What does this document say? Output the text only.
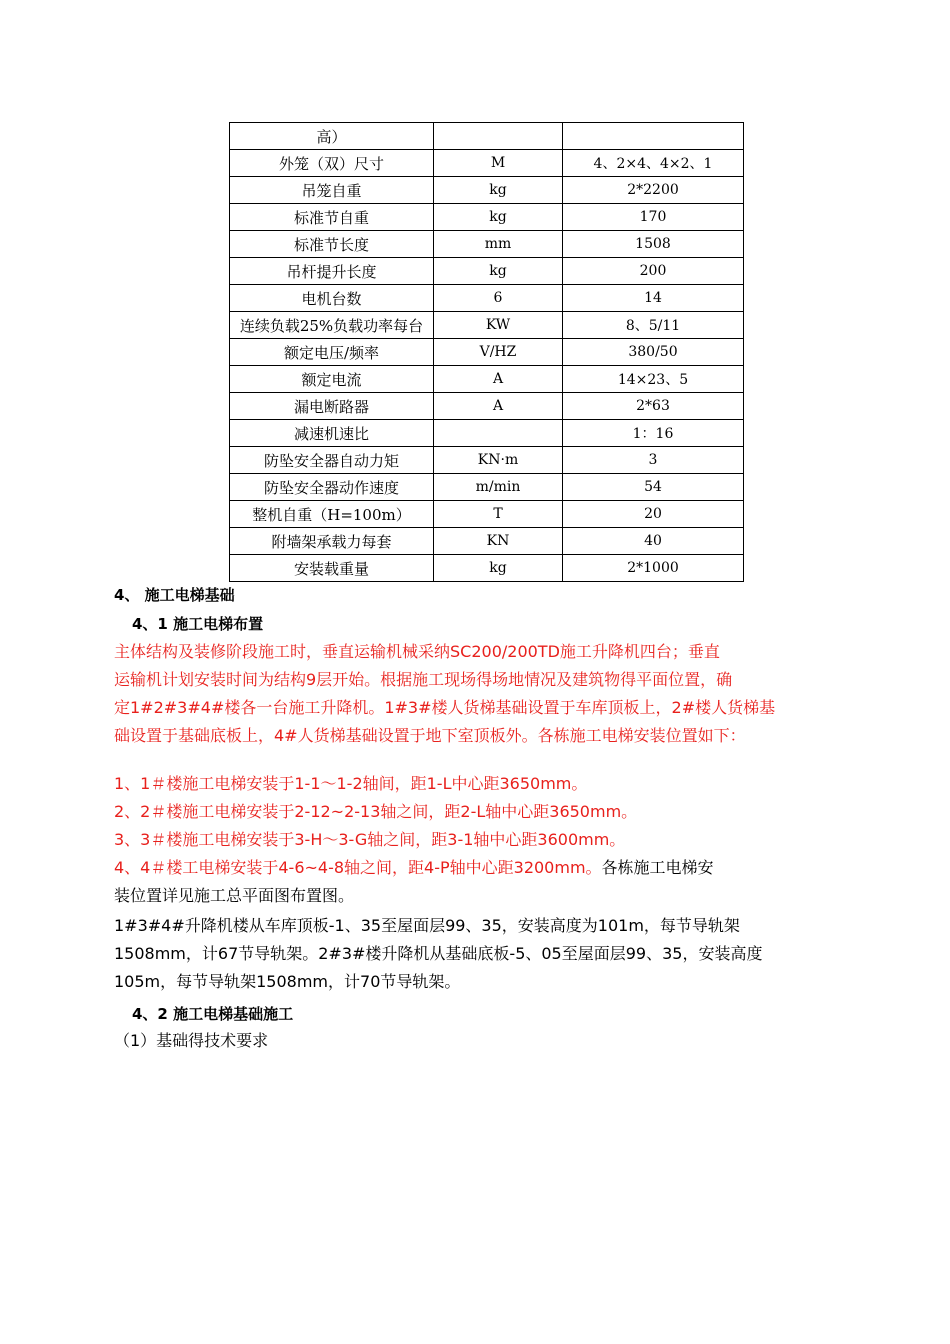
高）		
外笼（双）尺寸	M	4、2×4、4×2、1
吊笼自重	kg	2*2200
标准节自重	kg	170
标准节长度	mm	1508
吊杆提升长度	kg	200
电机台数	6	14
连续负载25%负载功率每台	KW	8、5/11
额定电压/频率	V/HZ	380/50
额定电流	A	14×23、5
漏电断路器	A	2*63
减速机速比		1：16
防坠安全器自动力矩	KN·m	3
防坠安全器动作速度	m/min	54
整机自重（H=100m）	T	20
附墙架承载力每套	KN	40
安装载重量	kg	2*1000
4、 施工电梯基础
4、1 施工电梯布置
主体结构及装修阶段施工时，垂直运输机械采纳SC200/200TD施工升降机四台；垂直
运输机计划安装时间为结构9层开始。根据施工现场得场地情况及建筑物得平面位置，确
定1#2#3#4#楼各一台施工升降机。1#3#楼人货梯基础设置于车库顶板上，2#楼人货梯基
础设置于基础底板上，4#人货梯基础设置于地下室顶板外。各栋施工电梯安装位置如下：
1、1＃楼施工电梯安装于1-1～1-2轴间，距1-L中心距3650mm。
2、2＃楼施工电梯安装于2-12~2-13轴之间，距2-L轴中心距3650mm。
3、3＃楼施工电梯安装于3-H～3-G轴之间，距3-1轴中心距3600mm。
4、4＃楼工电梯安装于4-6~4-8轴之间，距4-P轴中心距3200mm。各栋施工电梯安
装位置详见施工总平面图布置图。
1#3#4#升降机楼从车库顶板-1、35至屋面层99、35，安装高度为101m，每节导轨架
1508mm，计67节导轨架。2#3#楼升降机从基础底板-5、05至屋面层99、35，安装高度
105m，每节导轨架1508mm，计70节导轨架。
4、2 施工电梯基础施工
（1）基础得技术要求
